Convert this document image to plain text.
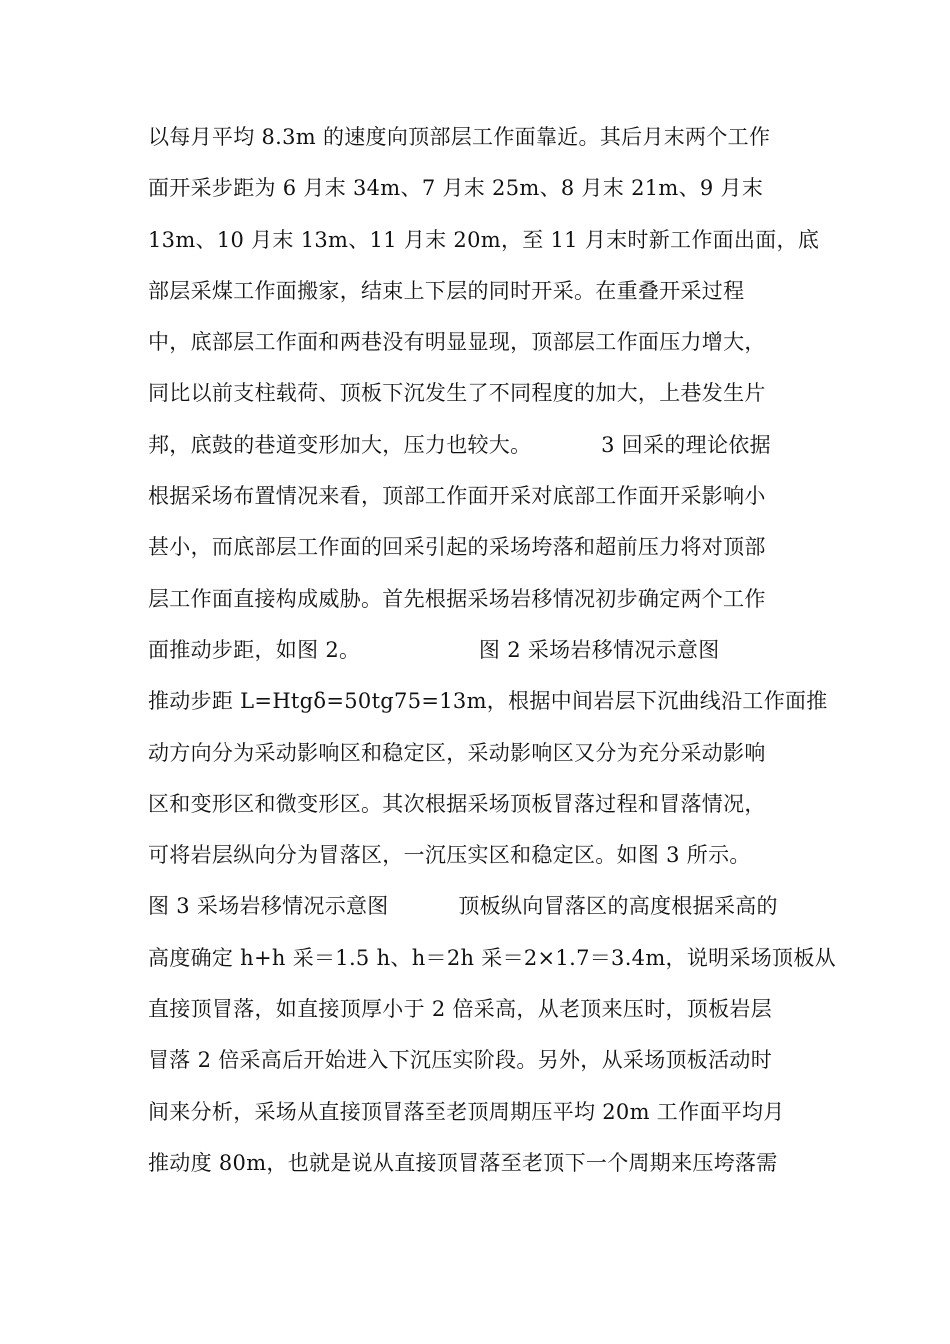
以每月平均 8.3m 的速度向顶部层工作面靠近。其后月末两个工作
面开采步距为 6 月末 34m、7 月末 25m、8 月末 21m、9 月末
13m、10 月末 13m、11 月末 20m，至 11 月末时新工作面出面，底
部层采煤工作面搬家，结束上下层的同时开采。在重叠开采过程
中，底部层工作面和两巷没有明显显现，顶部层工作面压力增大，
同比以前支柱载荷、顶板下沉发生了不同程度的加大，上巷发生片
邦，底鼓的巷道变形加大，压力也较大。          3 回采的理论依据
根据采场布置情况来看，顶部工作面开采对底部工作面开采影响小
甚小，而底部层工作面的回采引起的采场垮落和超前压力将对顶部
层工作面直接构成威胁。首先根据采场岩移情况初步确定两个工作
面推动步距，如图 2。                 图 2 采场岩移情况示意图
推动步距 L=Htgδ=50tg75=13m，根据中间岩层下沉曲线沿工作面推
动方向分为采动影响区和稳定区，采动影响区又分为充分采动影响
区和变形区和微变形区。其次根据采场顶板冒落过程和冒落情况，
可将岩层纵向分为冒落区，一沉压实区和稳定区。如图 3 所示。
图 3 采场岩移情况示意图          顶板纵向冒落区的高度根据采高的
高度确定 h+h 采＝1.5 h、h＝2h 采＝2×1.7＝3.4m，说明采场顶板从
直接顶冒落，如直接顶厚小于 2 倍采高，从老顶来压时，顶板岩层
冒落 2 倍采高后开始进入下沉压实阶段。另外，从采场顶板活动时
间来分析，采场从直接顶冒落至老顶周期压平均 20m 工作面平均月
推动度 80m，也就是说从直接顶冒落至老顶下一个周期来压垮落需
